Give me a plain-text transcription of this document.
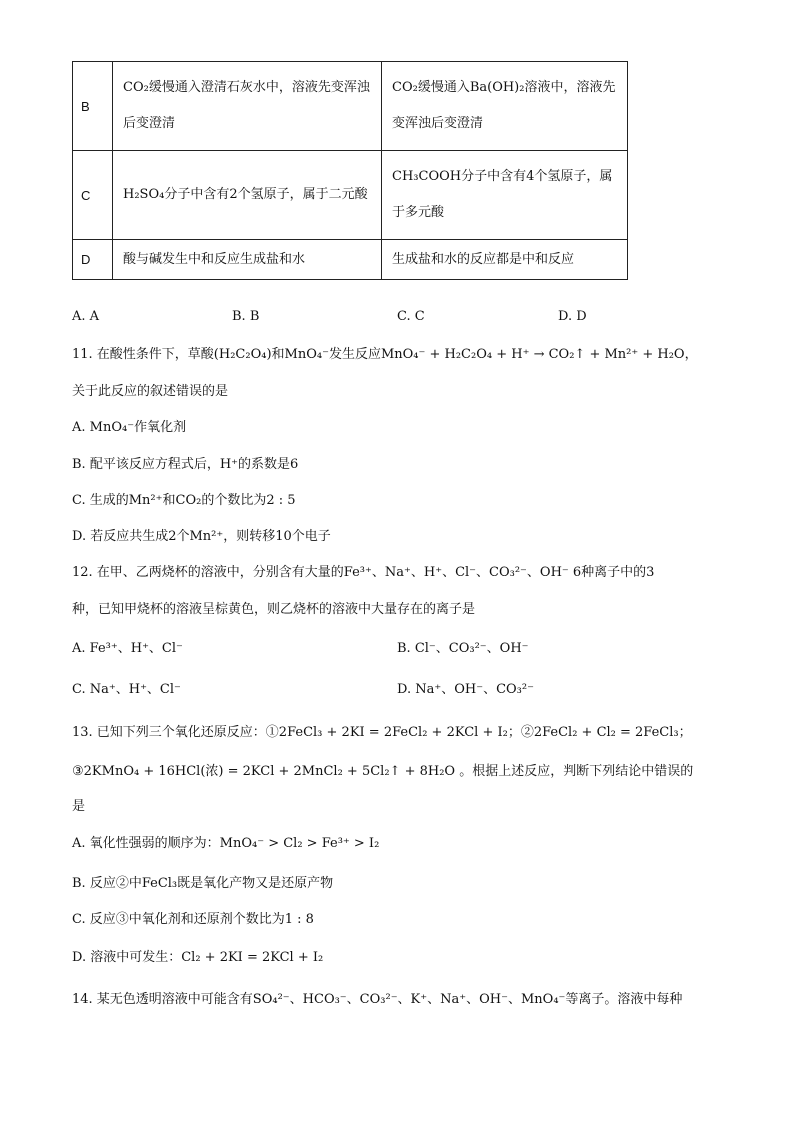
B	CO₂缓慢通入澄清石灰水中，溶液先变浑浊后变澄清	CO₂缓慢通入Ba(OH)₂溶液中，溶液先变浑浊后变澄清
C	H₂SO₄分子中含有2个氢原子，属于二元酸	CH₃COOH分子中含有4个氢原子，属于多元酸
D	酸与碱发生中和反应生成盐和水	生成盐和水的反应都是中和反应
A. A	B. B	C. C	D. D
11. 在酸性条件下，草酸(H₂C₂O₄)和MnO₄⁻发生反应MnO₄⁻ + H₂C₂O₄ + H⁺ → CO₂↑ + Mn²⁺ + H₂O，
关于此反应的叙述错误的是
A. MnO₄⁻作氧化剂
B. 配平该反应方程式后，H⁺的系数是6
C. 生成的Mn²⁺和CO₂的个数比为2 : 5
D. 若反应共生成2个Mn²⁺，则转移10个电子
12. 在甲、乙两烧杯的溶液中，分别含有大量的Fe³⁺、Na⁺、H⁺、Cl⁻、CO₃²⁻、OH⁻ 6种离子中的3
种，已知甲烧杯的溶液呈棕黄色，则乙烧杯的溶液中大量存在的离子是
A. Fe³⁺、H⁺、Cl⁻	B. Cl⁻、CO₃²⁻、OH⁻
C. Na⁺、H⁺、Cl⁻	D. Na⁺、OH⁻、CO₃²⁻
13. 已知下列三个氧化还原反应：①2FeCl₃ + 2KI = 2FeCl₂ + 2KCl + I₂；②2FeCl₂ + Cl₂ = 2FeCl₃；
③2KMnO₄ + 16HCl(浓) = 2KCl + 2MnCl₂ + 5Cl₂↑ + 8H₂O 。根据上述反应，判断下列结论中错误的
是
A. 氧化性强弱的顺序为：MnO₄⁻ > Cl₂ > Fe³⁺ > I₂
B. 反应②中FeCl₃既是氧化产物又是还原产物
C. 反应③中氧化剂和还原剂个数比为1 : 8
D. 溶液中可发生：Cl₂ + 2KI = 2KCl + I₂
14. 某无色透明溶液中可能含有SO₄²⁻、HCO₃⁻、CO₃²⁻、K⁺、Na⁺、OH⁻、MnO₄⁻等离子。溶液中每种
